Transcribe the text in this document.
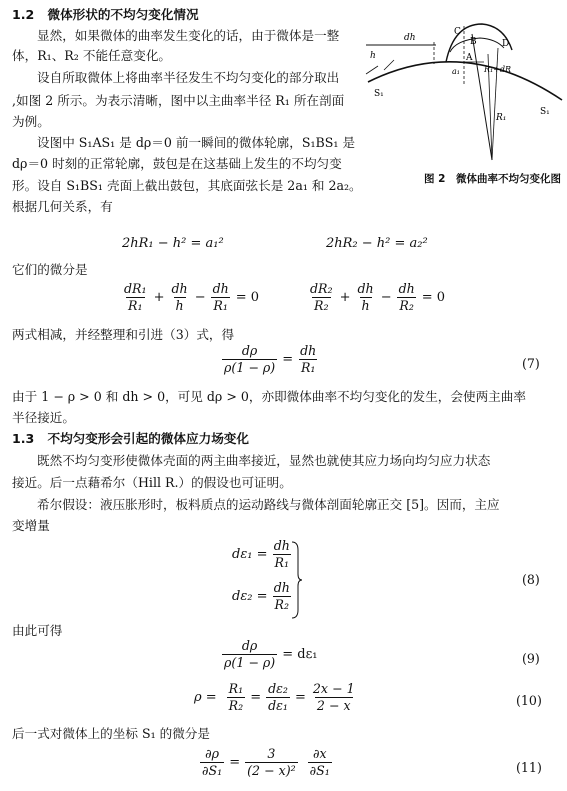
1.2 微体形状的不均匀变化情况
显然，如果微体的曲率发生变化的话，由于微体是一整
体，R₁、R₂ 不能任意变化。
设自所取微体上将曲率半径发生不均匀变化的部分取出
,如图 2 所示。为表示清晰，图中以主曲率半径 R₁ 所在剖面
为例。
设图中 S₁AS₁ 是 dρ＝0 前一瞬间的微体轮廓，S₁BS₁ 是
dρ＝0 时刻的正常轮廓，鼓包是在这基础上发生的不均匀变
形。设自 S₁BS₁ 壳面上截出鼓包，其底面弦长是 2a₁ 和 2a₂。
根据几何关系，有
dh
h
C
B	D
A
a₁
S₁
S₁
R₁+dR
R₁
图 2　微体曲率不均匀变化图
2hR₁ − h² = a₁²	2hR₂ − h² = a₂²
它们的微分是
$\frac{\text{dR₁}}{\text{R₁}} + \frac{dh}{h} - \frac{dh}{\text{R₁}} = 0$	$\frac{\text{dR₂}}{\text{R₂}} + \frac{dh}{h} - \frac{dh}{\text{R₂}} = 0$
两式相减，并经整理和引进（3）式，得
$\frac{d\rho}{\rho(1 - \rho)} = \frac{dh}{\text{R₁}}$	(7)
由于 1 − ρ > 0 和 dh > 0，可见 dρ > 0，亦即微体曲率不均匀变化的发生，会使两主曲率
半径接近。
1.3 不均匀变形会引起的微体应力场变化
既然不均匀变形使微体壳面的两主曲率接近，显然也就使其应力场向均匀应力状态
接近。后一点藉希尔（Hill R.）的假设也可证明。
希尔假设：液压胀形时，板料质点的运动路线与微体剖面轮廓正交 [5]。因而，主应
变增量
$d\varepsilon_1 = \frac{dh}{\text{R₁}}$
$d\varepsilon_2 = \frac{dh}{\text{R₂}}$
(8)
由此可得
$\frac{d\rho}{\rho(1 - \rho)} = d\varepsilon_1$	(9)
$\rho = \frac{\text{R₁}}{\text{R₂}} = \frac{\text{dε₂}}{\text{dε₁}} = \frac{2x - 1}{2 - x}$	(10)
后一式对微体上的坐标 S₁ 的微分是
$\frac{\partial\rho}{\text{∂S₁}} = \frac{3}{\text{(2 − x)²}} \frac{\partial x}{\text{∂S₁}}$	(11)
